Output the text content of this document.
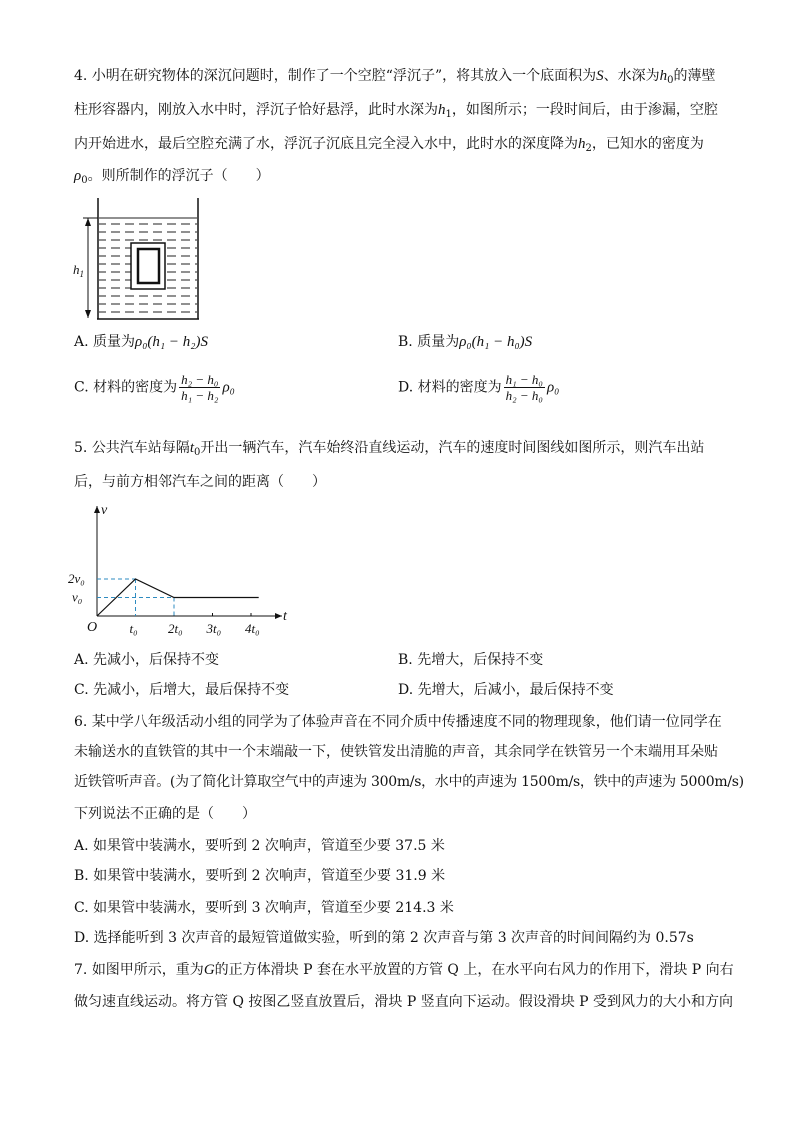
4. 小明在研究物体的深沉问题时，制作了一个空腔“浮沉子”，将其放入一个底面积为S、水深为$h_0$的薄壁
柱形容器内，刚放入水中时，浮沉子恰好悬浮，此时水深为$h_1$，如图所示；一段时间后，由于渗漏，空腔
内开始进水，最后空腔充满了水，浮沉子沉底且完全浸入水中，此时水的深度降为$h_2$，已知水的密度为
$\rho_0$。则所制作的浮沉子（　　）
$h_1$
A. 质量为ρ₀(h₁ − h₂)S	B. 质量为ρ₀(h₁ − h₀)S
C. 材料的密度为 $\frac{\text{h₂ − h₀}}{\text{h₁ − h₂}} \rho_0$	D. 材料的密度为 $\frac{\text{h₁ − h₀}}{\text{h₂ − h₀}} \rho_0$
5. 公共汽车站每隔$t_0$开出一辆汽车，汽车始终沿直线运动，汽车的速度时间图线如图所示，则汽车出站
后，与前方相邻汽车之间的距离（　　）
t
v
O t₀ 2t₀ 3t₀ 4t₀
v₀
2v₀
A. 先减小，后保持不变	B. 先增大，后保持不变
C. 先减小，后增大，最后保持不变	D. 先增大，后减小，最后保持不变
6. 某中学八年级活动小组的同学为了体验声音在不同介质中传播速度不同的物理现象，他们请一位同学在
未输送水的直铁管的其中一个末端敲一下，使铁管发出清脆的声音，其余同学在铁管另一个末端用耳朵贴
近铁管听声音。(为了简化计算取空气中的声速为 300m/s，水中的声速为 1500m/s，铁中的声速为 5000m/s)
下列说法不正确的是（　　）
A. 如果管中装满水，要听到 2 次响声，管道至少要 37.5 米
B. 如果管中装满水，要听到 2 次响声，管道至少要 31.9 米
C. 如果管中装满水，要听到 3 次响声，管道至少要 214.3 米
D. 选择能听到 3 次声音的最短管道做实验，听到的第 2 次声音与第 3 次声音的时间间隔约为 0.57s
7. 如图甲所示，重为G的正方体滑块 P 套在水平放置的方管 Q 上，在水平向右风力的作用下，滑块 P 向右
做匀速直线运动。将方管 Q 按图乙竖直放置后，滑块 P 竖直向下运动。假设滑块 P 受到风力的大小和方向
